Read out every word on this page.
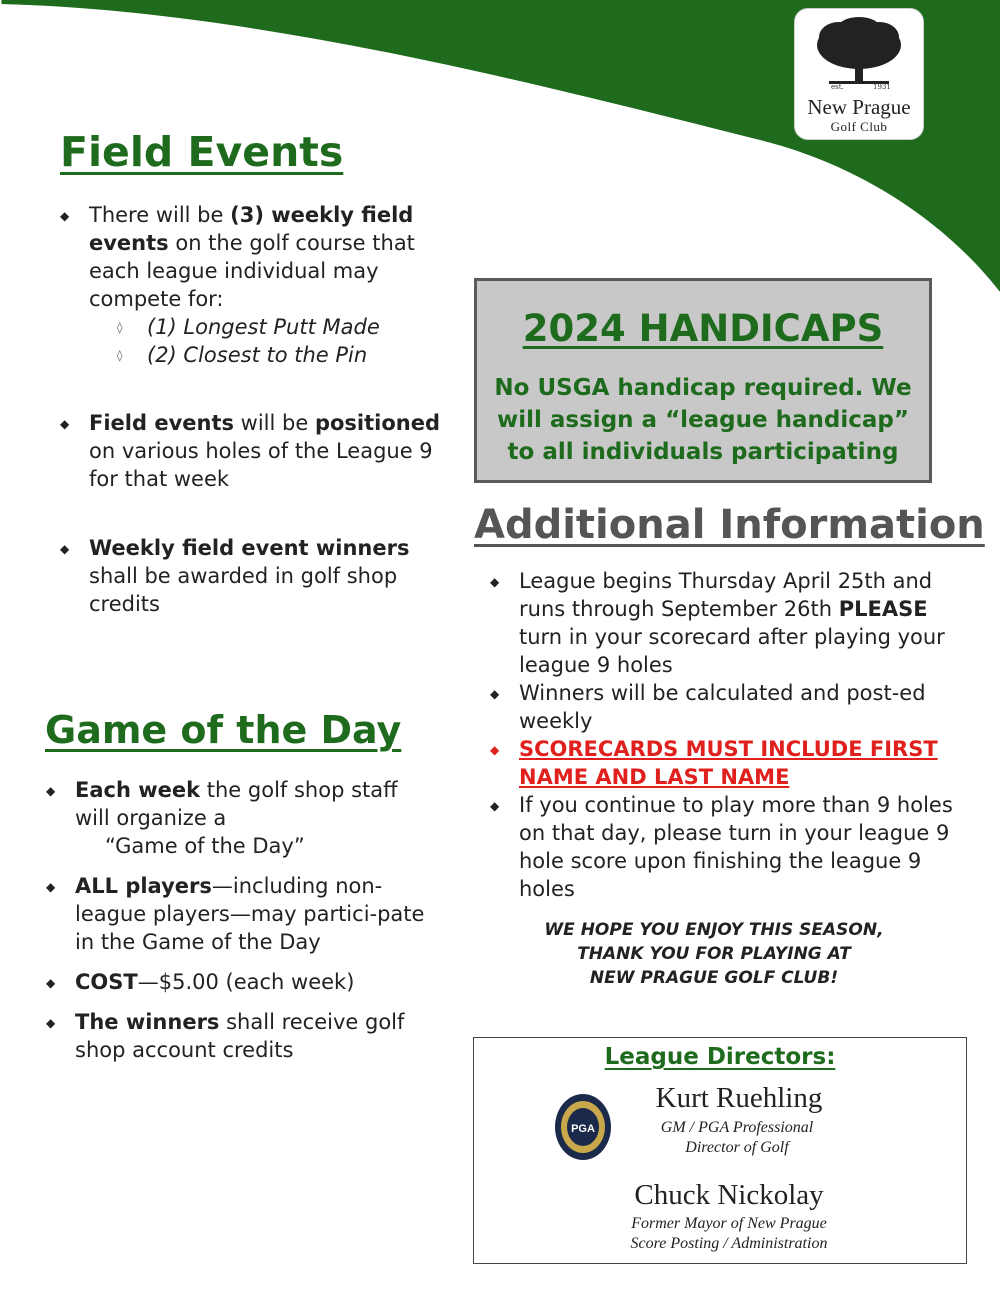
est.	1931
New Prague
Golf Club
Field Events
◆ There will be (3) weekly field events on the golf course that each league individual may compete for:
◊ (1) Longest Putt Made
◊ (2) Closest to the Pin
◆ Field events will be positioned on various holes of the League 9 for that week
◆ Weekly field event winners shall be awarded in golf shop credits
Game of the Day
◆ Each week the golf shop staff will organize a
“Game of the Day”
◆ ALL players—including non-league players—may partici-pate in the Game of the Day
◆ COST—$5.00 (each week)
◆ The winners shall receive golf shop account credits
2024 HANDICAPS

No USGA handicap required. We will assign a “league handicap” to all individuals participating

Additional Information
◆ League begins Thursday April 25th and runs through September 26th PLEASE turn in your scorecard after playing your league 9 holes
◆ Winners will be calculated and post-ed weekly
◆ SCORECARDS MUST INCLUDE FIRST NAME AND LAST NAME
◆ If you continue to play more than 9 holes on that day, please turn in your league 9 hole score upon finishing the league 9 holes
WE HOPE YOU ENJOY THIS SEASON,
THANK YOU FOR PLAYING AT
NEW PRAGUE GOLF CLUB!
League Directors:
PGA
Kurt Ruehling
GM / PGA Professional
Director of Golf
Chuck Nickolay
Former Mayor of New Prague
Score Posting / Administration
